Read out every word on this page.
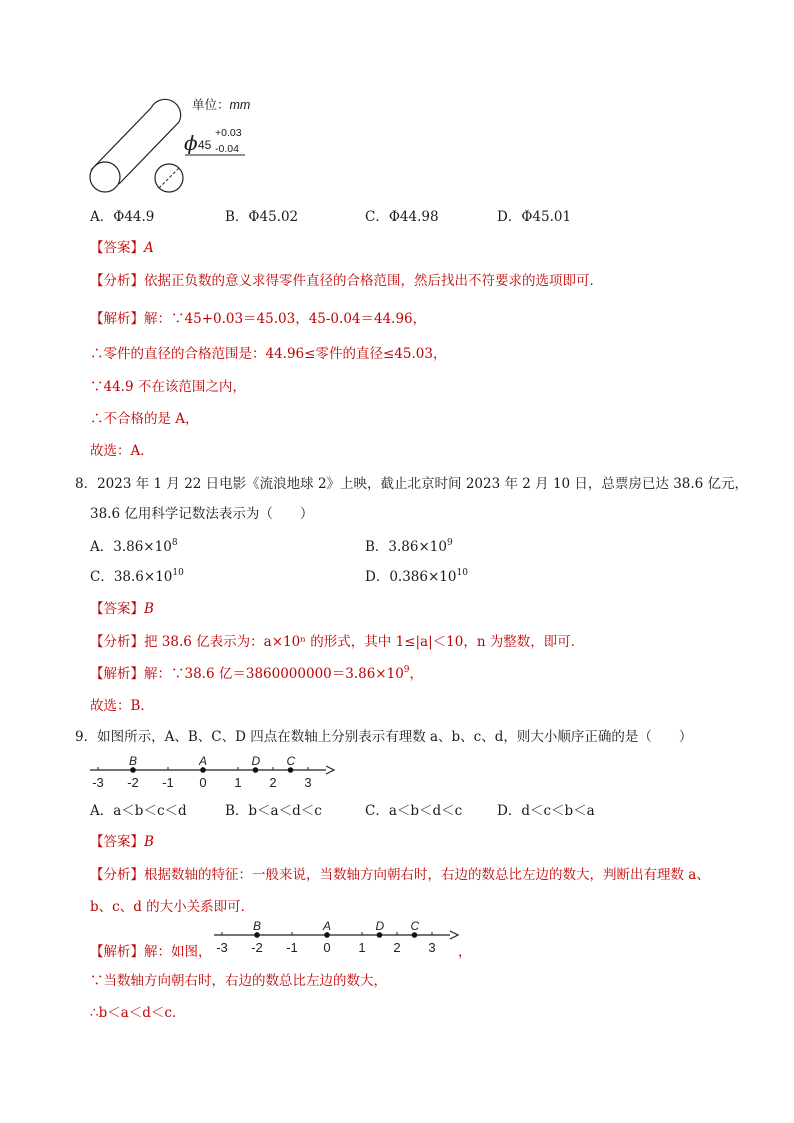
单位：mm
ϕ 45
+0.03
-0.04
A．Φ44.9	B．Φ45.02	C．Φ44.98	D．Φ45.01
【答案】A
【分析】依据正负数的意义求得零件直径的合格范围，然后找出不符要求的选项即可．
【解析】解：∵45+0.03＝45.03，45-0.04＝44.96，
∴零件的直径的合格范围是：44.96≤零件的直径≤45.03，
∵44.9 不在该范围之内，
∴不合格的是 A，
故选：A．
8．2023 年 1 月 22 日电影《流浪地球 2》上映，截止北京时间 2023 年 2 月 10 日，总票房已达 38.6 亿元，
38.6 亿用科学记数法表示为（　　）
A．$3.86\times 10^8$	B．$3.86\times 10^9$
C．$38.6\times 10^{10}$	D．$0.386\times 10^{10}$
【答案】B
【分析】把 38.6 亿表示为：a×10ⁿ 的形式，其中 1≤|a|＜10，n 为整数，即可．
【解析】解：∵38.6 亿$=3860000000=3.86\times 10^9$，
故选：B．
9．如图所示，A、B、C、D 四点在数轴上分别表示有理数 a、b、c、d，则大小顺序正确的是（　　）
-3 -2 -1 0 1 2 3
B	A	D C
A．a＜b＜c＜d	B．b＜a＜d＜c	C．a＜b＜d＜c	D．d＜c＜b＜a
【答案】B
【分析】根据数轴的特征：一般来说，当数轴方向朝右时，右边的数总比左边的数大，判断出有理数 a、
b、c、d 的大小关系即可．
【解析】解：如图， -3 -2 -1 0 1 2 3
B	A	D C
，
∵当数轴方向朝右时，右边的数总比左边的数大，
∴b＜a＜d＜c．
